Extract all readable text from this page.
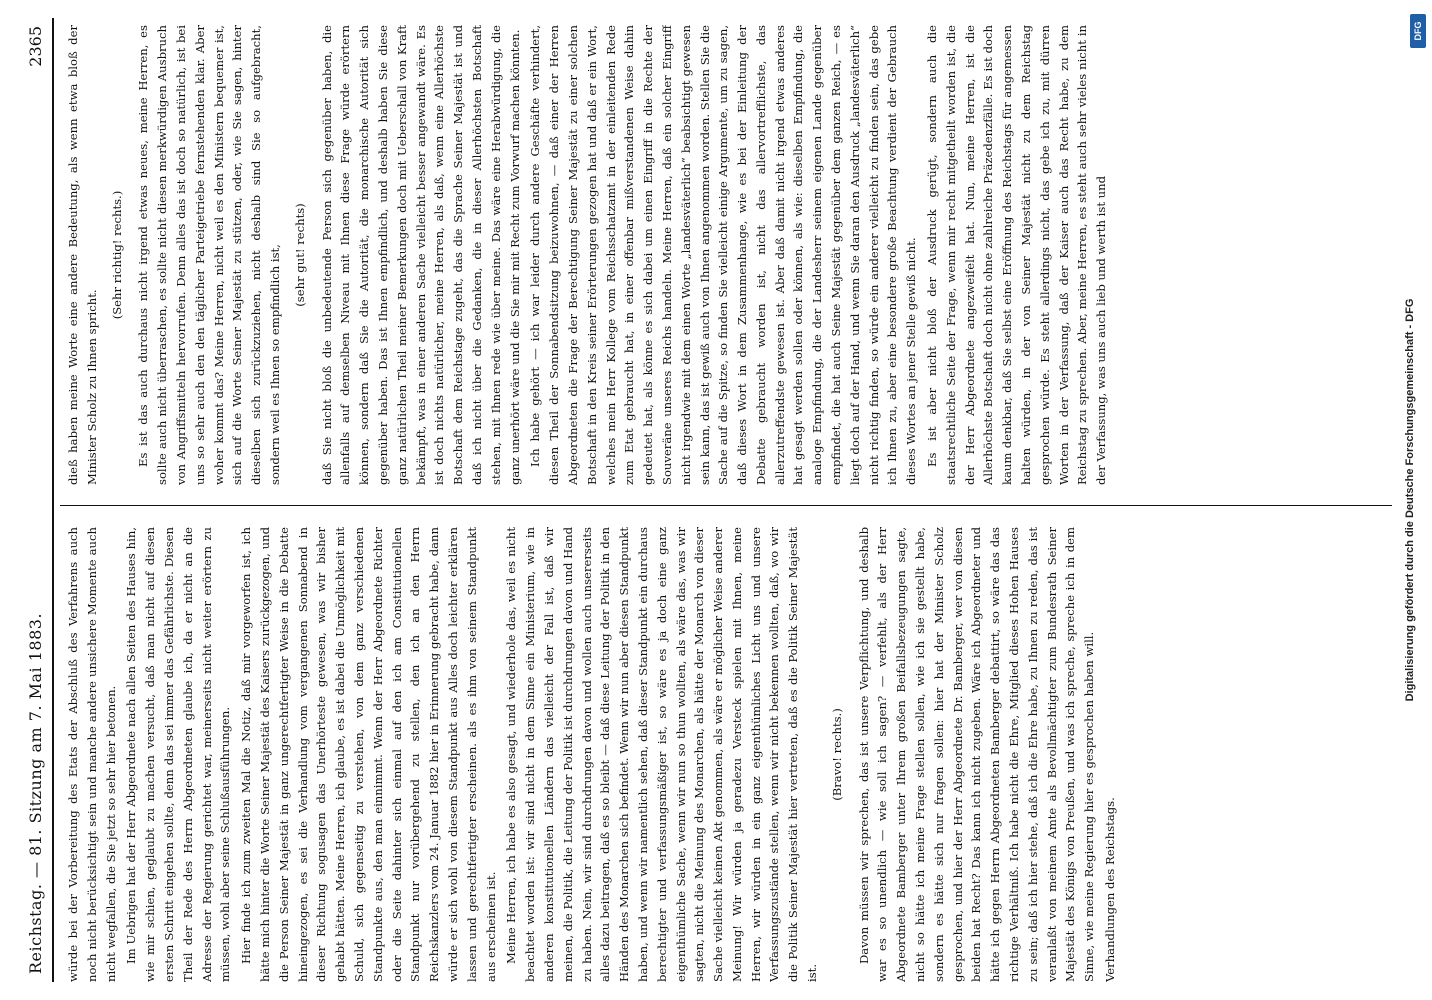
Reichstag. — 81. Sitzung am 7. Mai 1883.
2365

würde bei der Vorbereitung des Etats der Abschluß des Verfahrens auch noch nicht berücksichtigt sein und manche andere unsichere Momente auch nicht wegfallen, die Sie jetzt so sehr hier betonen. Im Uebrigen hat der Herr Abgeordnete nach allen Seiten des Hauses hin, wie mir schien, geglaubt zu machen versucht, daß man nicht auf diesen ersten Schritt eingehen sollte, denn das sei immer das Gefährlichste. Diesen Theil der Rede des Herrn Abgeordneten glaube ich, da er nicht an die Adresse der Regierung gerichtet war, meinerseits nicht weiter erörtern zu müssen, wohl aber seine Schlußausführungen. Hier finde ich zum zweiten Mal die Notiz, daß mir vorgeworfen ist, ich hätte mich hinter die Worte Seiner Majestät des Kaisers zurückgezogen, und die Person Seiner Majestät in ganz ungerechtfertigter Weise in die Debatte hineingezogen, es sei die Verhandlung vom vergangenen Sonnabend in dieser Richtung sogusagen das Unerhörteste gewesen, was wir bisher gehabt hätten. Meine Herren, ich glaube, es ist dabei die Unmöglichkeit mit Schuld, sich gegenseitig zu verstehen, von dem ganz verschiedenen Standpunkte aus, den man einnimmt. Wenn der Herr Abgeordnete Richter oder die Seite dahinter sich einmal auf den ich am Constitutionellen Standpunkt nur vorübergehend zu stellen, den ich an den Herrn Reichskanzlers vom 24. Januar 1882 hier in Erinnerung gebracht habe, dann würde er sich wohl von diesem Standpunkt aus Alles doch leichter erklären lassen und gerechtfertigter erscheinen. als es ihm von seinem Standpunkt aus erscheinen ist. Meine Herren, ich habe es also gesagt, und wiederhole das, weil es nicht beachtet worden ist: wir sind nicht in dem Sinne ein Ministerium, wie in anderen konstitutionellen Ländern das vielleicht der Fall ist, daß wir meinen, die Politik, die Leitung der Politik ist durchdrungen davon und Hand zu haben. Nein, wir sind durchdrungen davon und wollen auch unsererseits alles dazu beitragen, daß es so bleibt — daß diese Leitung der Politik in den Händen des Monarchen sich befindet. Wenn wir nun aber diesen Standpunkt haben, und wenn wir namentlich sehen, daß dieser Standpunkt ein durchaus berechtigter und verfassungsmäßiger ist, so wäre es ja doch eine ganz eigenthümliche Sache, wenn wir nun so thun wollten, als wäre das, was wir sagten, nicht die Meinung des Monarchen, als hätte der Monarch von dieser Sache vielleicht keinen Akt genommen, als wäre er möglicher Weise anderer Meinung! Wir würden ja geradezu Versteck spielen mit Ihnen, meine Herren, wir würden in ein ganz eigenthümliches Licht uns und unsere Verfassungszustände stellen, wenn wir nicht bekennen wollten, daß, wo wir die Politik Seiner Majestät hier vertreten, daß es die Politik Seiner Majestät ist.

(Bravo! rechts.) Davon müssen wir sprechen, das ist unsere Verpflichtung, und deshalb war es so unendlich — wie soll ich sagen? — verfehlt, als der Herr Abgeordnete Bamberger unter Ihrem großen Beifallsbezeugungen sagte, nicht so hätte ich meine Frage stellen sollen, wie ich sie gestellt habe, sondern es hätte sich nur fragen sollen: hier hat der Minister Scholz gesprochen, und hier der Herr Abgeordnete Dr. Bamberger, wer von diesen beiden hat Recht? Das kann ich nicht zugeben. Wäre ich Abgeordneter und hätte ich gegen Herrn Abgeordneten Bamberger debattirt, so wäre das das richtige Verhältniß. Ich habe nicht die Ehre, Mitglied dieses Hohen Hauses zu sein; daß ich hier stehe, daß ich die Ehre habe, zu Ihnen zu reden, das ist veranlaßt von meinem Amte als Bevollmächtigter zum Bundesrath Seiner Majestät des Königs von Preußen, und was ich spreche, spreche ich in dem Sinne, wie meine Regierung hier es gesprochen haben will. Verhandlungen des Reichstags.

dieß haben meine Worte eine andere Bedeutung, als wenn etwa bloß der Minister Scholz zu Ihnen spricht.

(Sehr richtig! rechts.) Es ist das auch durchaus nicht irgend etwas neues, meine Herren, es sollte auch nicht überraschen, es sollte nicht diesen merkwürdigen Ausbruch von Angriffsmitteln hervorrufen. Denn alles das ist doch so natürlich, ist bei uns so sehr auch den den täglicher Parteigetriebe fernstehenden klar. Aber woher kommt das? Meine Herren, nicht weil es den Ministern bequemer ist, sich auf die Worte Seiner Majestät zu stützen, oder, wie Sie sagen, hinter dieselben sich zurückzuziehen, nicht deshalb sind Sie so aufgebracht, sondern weil es Ihnen so empfindlich ist, (sehr gut! rechts) daß Sie nicht bloß die unbedeutende Person sich gegenüber haben, die allenfalls auf demselben Niveau mit Ihnen diese Frage würde erörtern können, sondern daß Sie die Autorität, die monarchische Autorität sich gegenüber haben. Das ist Ihnen empfindlich, und deshalb haben Sie diese ganz natürlichen Theil meiner Bemerkungen doch mit Ueberschall von Kraft bekämpft, was in einer anderen Sache vielleicht besser angewandt wäre. Es ist doch nichts natürlicher, meine Herren, als daß, wenn eine Allerhöchste Botschaft dem Reichstage zugeht, das die Sprache Seiner Majestät ist und daß ich nicht über die Gedanken, die in dieser Allerhöchsten Botschaft stehen, mit Ihnen rede wie über meine. Das wäre eine Herabwürdigung, die ganz unerhört wäre und die Sie mir mit Recht zum Vorwurf machen könnten. Ich habe gehört — ich war leider durch andere Geschäfte verhindert, diesen Theil der Sonnabendsitzung beizuwohnen, — daß einer der Herren Abgeordneten die Frage der Berechtigung Seiner Majestät zu einer solchen Botschaft in den Kreis seiner Erörterungen gezogen hat und daß er ein Wort, welches mein Herr Kollege vom Reichsschatzamt in der einleitenden Rede zum Etat gebraucht hat, in einer offenbar mißverstandenen Weise dahin gedeutet hat, als könne es sich dabei um einen Eingriff in die Rechte der Souveräne unseres Reichs handeln. Meine Herren, daß ein solcher Eingriff nicht irgendwie mit dem einen Worte „landesväterlich“ beabsichtigt gewesen sein kann, das ist gewiß auch von Ihnen angenommen worden. Stellen Sie die Sache auf die Spitze, so finden Sie vielleicht einige Argumente, um zu sagen, daß dieses Wort in dem Zusammenhange, wie es bei der Einleitung der Debatte gebraucht worden ist, nicht das allervortrefflichste, das allerzutreffendste gewesen ist. Aber daß damit nicht irgend etwas anderes hat gesagt werden sollen oder können, als wie: dieselben Empfindung, die analoge Empfindung, die der Landesherr seinem eigenen Lande gegenüber empfindet, die hat auch Seine Majestät gegenüber dem ganzen Reich, — es liegt doch auf der Hand, und wenn Sie daran den Ausdruck „landesväterlich“ nicht richtig finden, so würde ein anderer vielleicht zu finden sein, das gebe ich Ihnen zu, aber eine besondere große Beachtung verdient der Gebrauch dieses Wortes an jener Stelle gewiß nicht. Es ist aber nicht bloß der Ausdruck gerügt, sondern auch die staatsrechtliche Seite der Frage, wenn mir recht mitgetheilt worden ist, die der Herr Abgeordnete angezweifelt hat. Nun, meine Herren, ist die Allerhöchste Botschaft doch nicht ohne zahlreiche Präzedenzfälle. Es ist doch kaum denkbar, daß Sie selbst eine Eröffnung des Reichstags für angemessen halten würden, in der von Seiner Majestät nicht zu dem Reichstag gesprochen würde. Es steht allerdings nicht, das gebe ich zu, mit dürren Worten in der Verfassung, daß der Kaiser auch das Recht habe, zu dem Reichstag zu sprechen. Aber, meine Herren, es steht auch sehr vieles nicht in der Verfassung, was uns auch lieb und werth ist und	Digitalisierung gefördert durch die Deutsche Forschungsgemeinschaft - DFG
DFG
